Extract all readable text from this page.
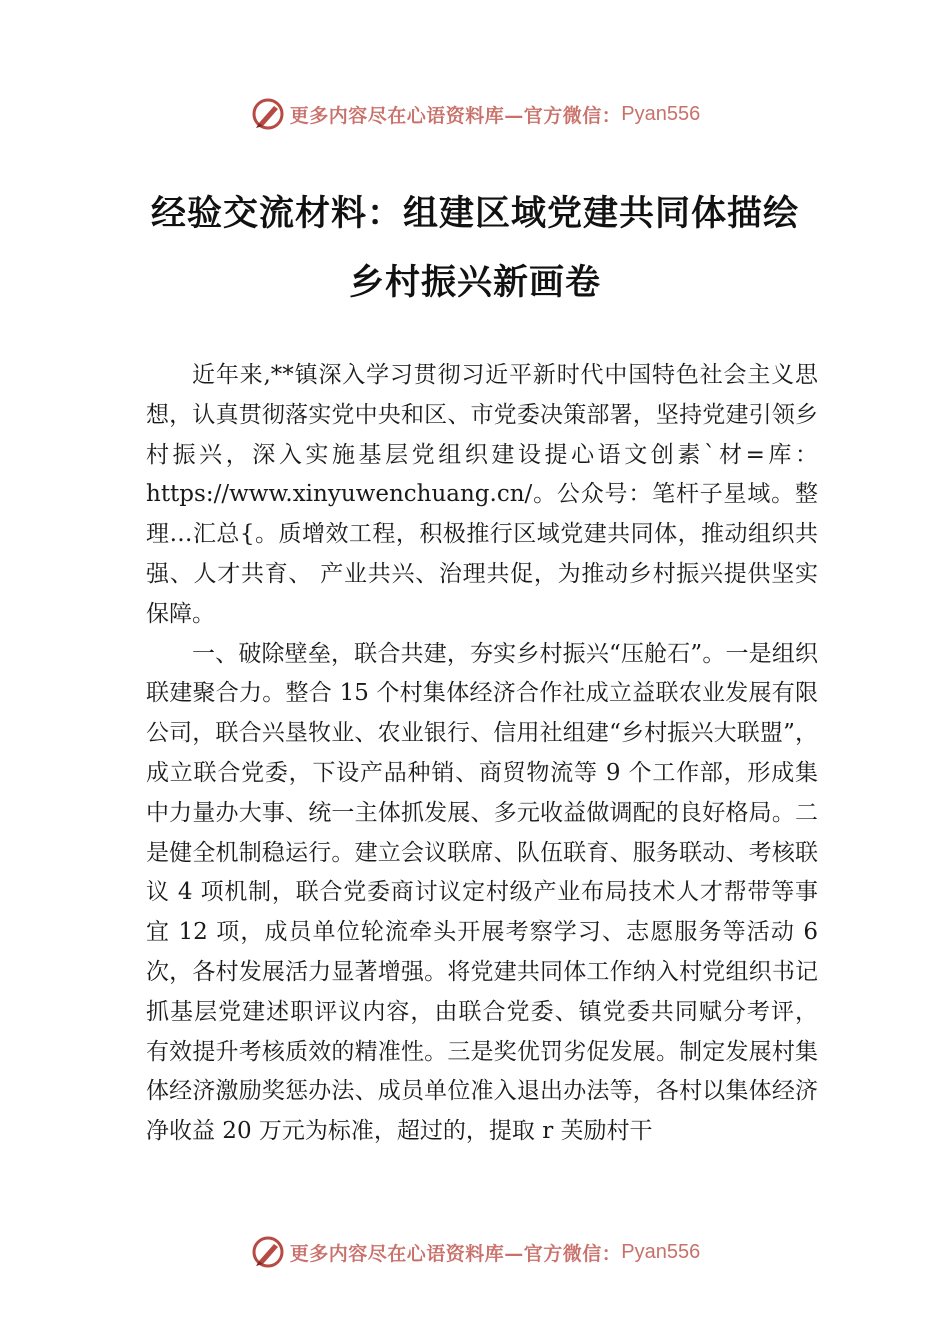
更多内容尽在心语资料库—官方微信： Pyan556
经验交流材料：组建区域党建共同体描绘
乡村振兴新画卷

近年来,**镇深入学习贯彻习近平新时代中国特色社会主义思想，认真贯彻落实党中央和区、市党委决策部署，坚持党建引领乡村振兴，深入实施基层党组织建设提心语文创素`材=库：https://www.xinyuwenchuang.cn/。公众号：笔杆子星域。整理…汇总{。质增效工程，积极推行区域党建共同体，推动组织共强、人才共育、 产业共兴、治理共促，为推动乡村振兴提供坚实保障。

一、破除壁垒，联合共建，夯实乡村振兴“压舱石”。一是组织联建聚合力。整合 15 个村集体经济合作社成立益联农业发展有限公司，联合兴垦牧业、农业银行、信用社组建“乡村振兴大联盟”，成立联合党委，下设产品种销、商贸物流等 9 个工作部，形成集中力量办大事、统一主体抓发展、多元收益做调配的良好格局。二是健全机制稳运行。建立会议联席、队伍联育、服务联动、考核联议 4 项机制，联合党委商讨议定村级产业布局技术人才帮带等事宜 12 项，成员单位轮流牵头开展考察学习、志愿服务等活动 6 次，各村发展活力显著增强。将党建共同体工作纳入村党组织书记抓基层党建述职评议内容，由联合党委、镇党委共同赋分考评， 有效提升考核质效的精准性。三是奖优罚劣促发展。制定发展村集体经济激励奖惩办法、成员单位准入退出办法等，各村以集体经济净收益 20 万元为标准，超过的，提取 r 芙励村干

更多内容尽在心语资料库—官方微信： Pyan556
